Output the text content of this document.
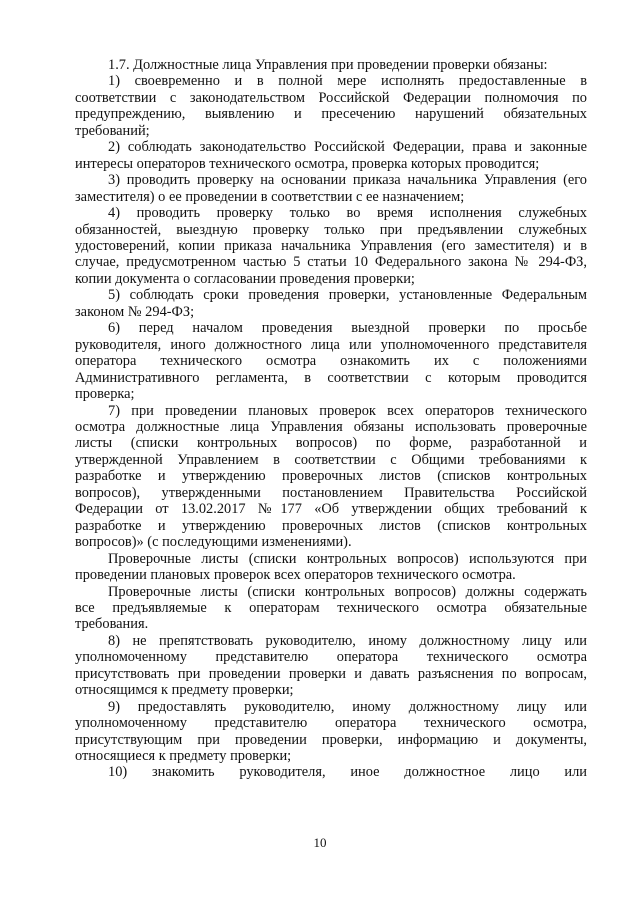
1.7. Должностные лица Управления при проведении проверки обязаны:
1) своевременно и в полной мере исполнять предоставленные в
соответствии с законодательством Российской Федерации полномочия по
предупреждению, выявлению и пресечению нарушений обязательных
требований;
2) соблюдать законодательство Российской Федерации, права и законные
интересы операторов технического осмотра, проверка которых проводится;
3) проводить проверку на основании приказа начальника Управления (его
заместителя) о ее проведении в соответствии с ее назначением;
4) проводить проверку только во время исполнения служебных
обязанностей, выездную проверку только при предъявлении служебных
удостоверений, копии приказа начальника Управления (его заместителя) и в
случае, предусмотренном частью 5 статьи 10 Федерального закона № 294-ФЗ,
копии документа о согласовании проведения проверки;
5) соблюдать сроки проведения проверки, установленные Федеральным
законом № 294-ФЗ;
6) перед началом проведения выездной проверки по просьбе
руководителя, иного должностного лица или уполномоченного представителя
оператора технического осмотра ознакомить их с положениями
Административного регламента, в соответствии с которым проводится
проверка;
7) при проведении плановых проверок всех операторов технического
осмотра должностные лица Управления обязаны использовать проверочные
листы (списки контрольных вопросов) по форме, разработанной и
утвержденной Управлением в соответствии с Общими требованиями к
разработке и утверждению проверочных листов (списков контрольных
вопросов), утвержденными постановлением Правительства Российской
Федерации от 13.02.2017 №177 «Об утверждении общих требований к
разработке и утверждению проверочных листов (списков контрольных
вопросов)» (с последующими изменениями).
Проверочные листы (списки контрольных вопросов) используются при
проведении плановых проверок всех операторов технического осмотра.
Проверочные листы (списки контрольных вопросов) должны содержать
все предъявляемые к операторам технического осмотра обязательные
требования.
8) не препятствовать руководителю, иному должностному лицу или
уполномоченному представителю оператора технического осмотра
присутствовать при проведении проверки и давать разъяснения по вопросам,
относящимся к предмету проверки;
9) предоставлять руководителю, иному должностному лицу или
уполномоченному представителю оператора технического осмотра,
присутствующим при проведении проверки, информацию и документы,
относящиеся к предмету проверки;
10) знакомить руководителя, иное должностное лицо или
10
